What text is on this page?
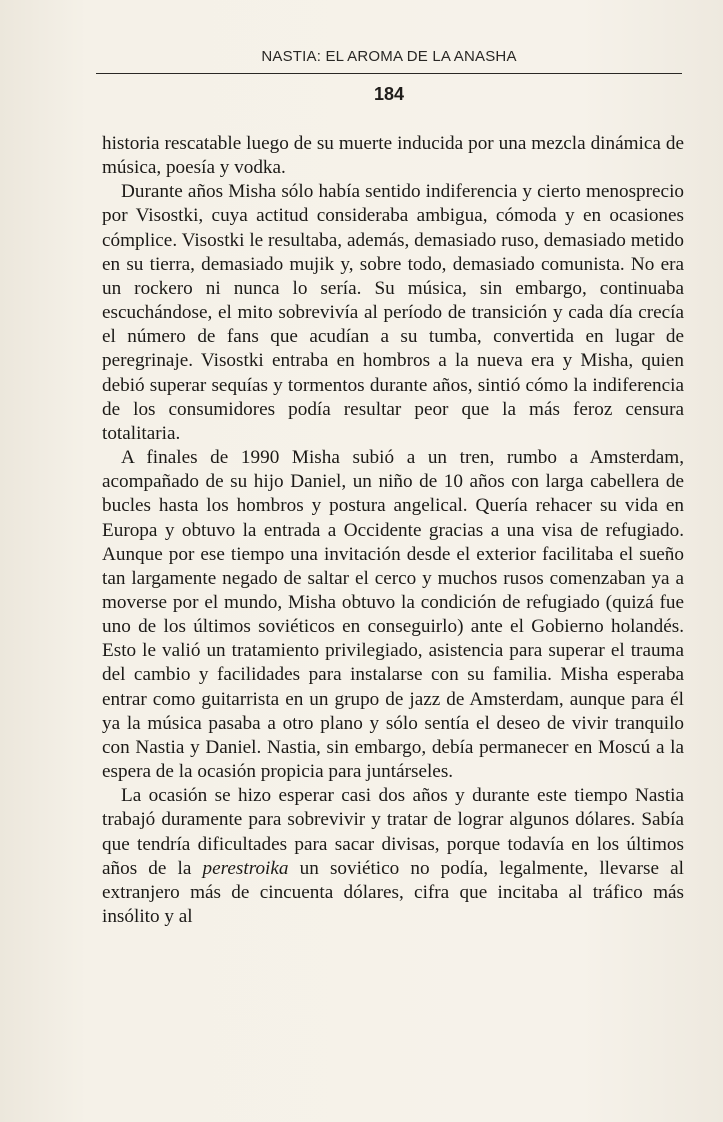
NASTIA: EL AROMA DE LA ANASHA
184

historia rescatable luego de su muerte inducida por una mezcla dinámica de música, poesía y vodka.

Durante años Misha sólo había sentido indiferencia y cierto menosprecio por Visostki, cuya actitud consideraba ambigua, cómoda y en ocasiones cómplice. Visostki le resultaba, además, demasiado ruso, demasiado metido en su tierra, demasiado mujik y, sobre todo, demasiado comunista. No era un rockero ni nunca lo sería. Su música, sin embargo, continuaba escuchándose, el mito sobrevivía al período de transición y cada día crecía el número de fans que acudían a su tumba, convertida en lugar de peregrinaje. Visostki entraba en hombros a la nueva era y Misha, quien debió superar sequías y tormentos durante años, sintió cómo la indiferencia de los consumidores podía resultar peor que la más feroz censura totalitaria.

A finales de 1990 Misha subió a un tren, rumbo a Amsterdam, acompañado de su hijo Daniel, un niño de 10 años con larga cabellera de bucles hasta los hombros y postura angelical. Quería rehacer su vida en Europa y obtuvo la entrada a Occidente gracias a una visa de refugiado. Aunque por ese tiempo una invitación desde el exterior facilitaba el sueño tan largamente negado de saltar el cerco y muchos rusos comenzaban ya a moverse por el mundo, Misha obtuvo la condición de refugiado (quizá fue uno de los últimos soviéticos en conseguirlo) ante el Gobierno holandés. Esto le valió un tratamiento privilegiado, asistencia para superar el trauma del cambio y facilidades para instalarse con su familia. Misha esperaba entrar como guitarrista en un grupo de jazz de Amsterdam, aunque para él ya la música pasaba a otro plano y sólo sentía el deseo de vivir tranquilo con Nastia y Daniel. Nastia, sin embargo, debía permanecer en Moscú a la espera de la ocasión propicia para juntárseles.

La ocasión se hizo esperar casi dos años y durante este tiempo Nastia trabajó duramente para sobrevivir y tratar de lograr algunos dólares. Sabía que tendría dificultades para sacar divisas, porque todavía en los últimos años de la perestroika un soviético no podía, legalmente, llevarse al extranjero más de cincuenta dólares, cifra que incitaba al tráfico más insólito y al
